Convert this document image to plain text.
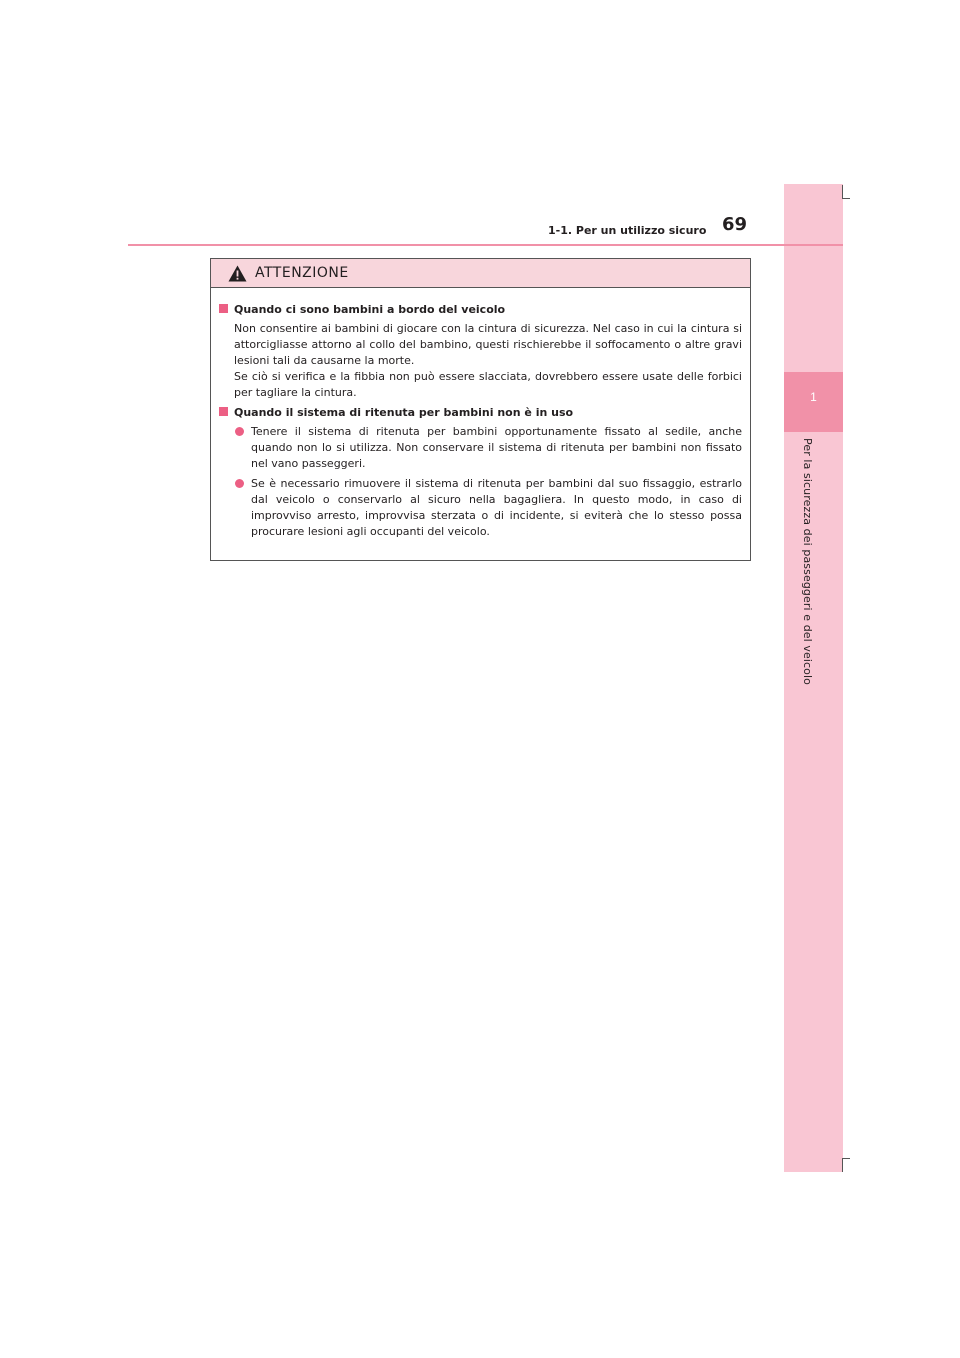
1
Per la sicurezza dei passeggeri e del veicolo
1-1. Per un utilizzo sicuro 69
ATTENZIONE
Quando ci sono bambini a bordo del veicolo

Non consentire ai bambini di giocare con la cintura di sicurezza. Nel caso in cui la cintura si attorcigliasse attorno al collo del bambino, questi rischierebbe il soffocamento o altre gravi lesioni tali da causarne la morte.

Se ciò si verifica e la fibbia non può essere slacciata, dovrebbero essere usate delle forbici per tagliare la cintura.

Quando il sistema di ritenuta per bambini non è in uso
Tenere il sistema di ritenuta per bambini opportunamente fissato al sedile, anche quando non lo si utilizza. Non conservare il sistema di ritenuta per bambini non fissato nel vano passeggeri.
Se è necessario rimuovere il sistema di ritenuta per bambini dal suo fissaggio, estrarlo dal veicolo o conservarlo al sicuro nella bagagliera. In questo modo, in caso di improvviso arresto, improvvisa sterzata o di incidente, si eviterà che lo stesso possa procurare lesioni agli occupanti del veicolo.
